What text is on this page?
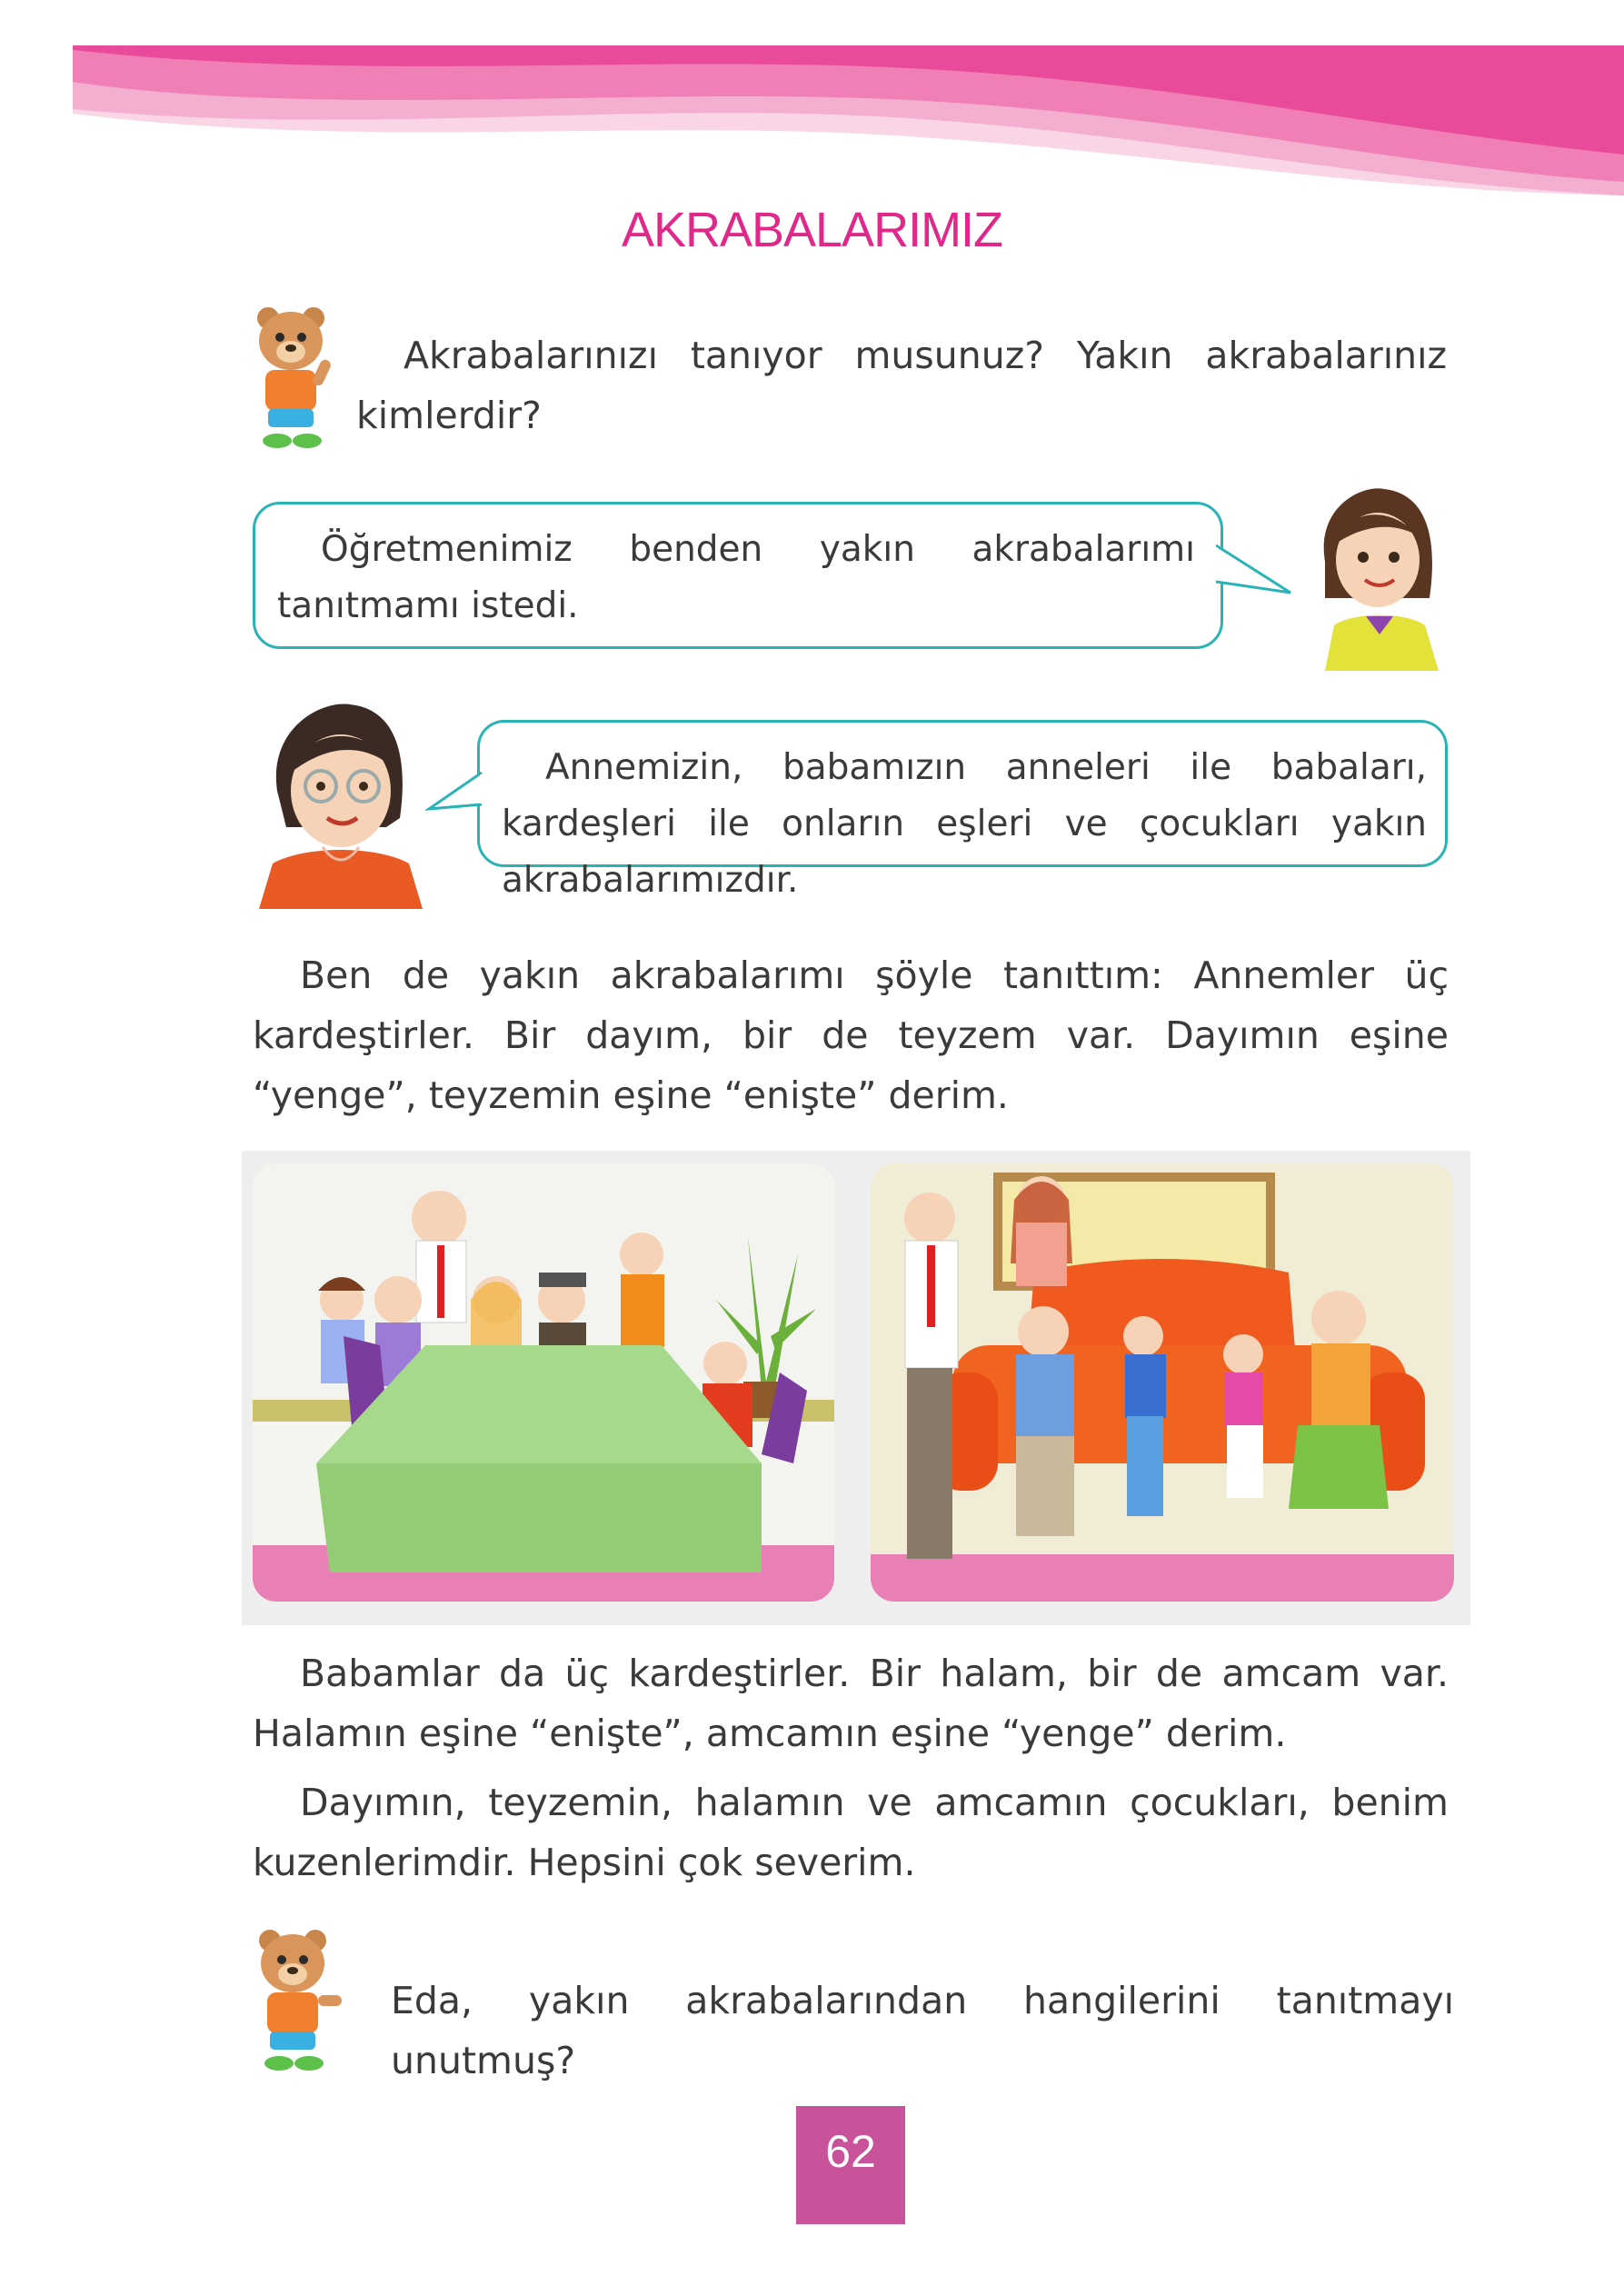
AKRABALARIMIZ
Akrabalarınızı tanıyor musunuz? Yakın akrabalarınız kimlerdir?
Öğretmenimiz benden yakın akrabalarımı tanıtmamı istedi.
Annemizin, babamızın anneleri ile babaları, kardeşleri ile onların eşleri ve çocukları yakın akrabalarımızdır.
Ben de yakın akrabalarımı şöyle tanıttım: Annemler üç kardeştirler. Bir dayım, bir de teyzem var. Dayımın eşine “yenge”, teyzemin eşine “enişte” derim.
Babamlar da üç kardeştirler. Bir halam, bir de amcam var. Halamın eşine “enişte”, amcamın eşine “yenge” derim.
Dayımın, teyzemin, halamın ve amcamın çocukları, benim kuzenlerimdir. Hepsini çok severim.
Eda, yakın akrabalarından hangilerini tanıtmayı unutmuş?
62
